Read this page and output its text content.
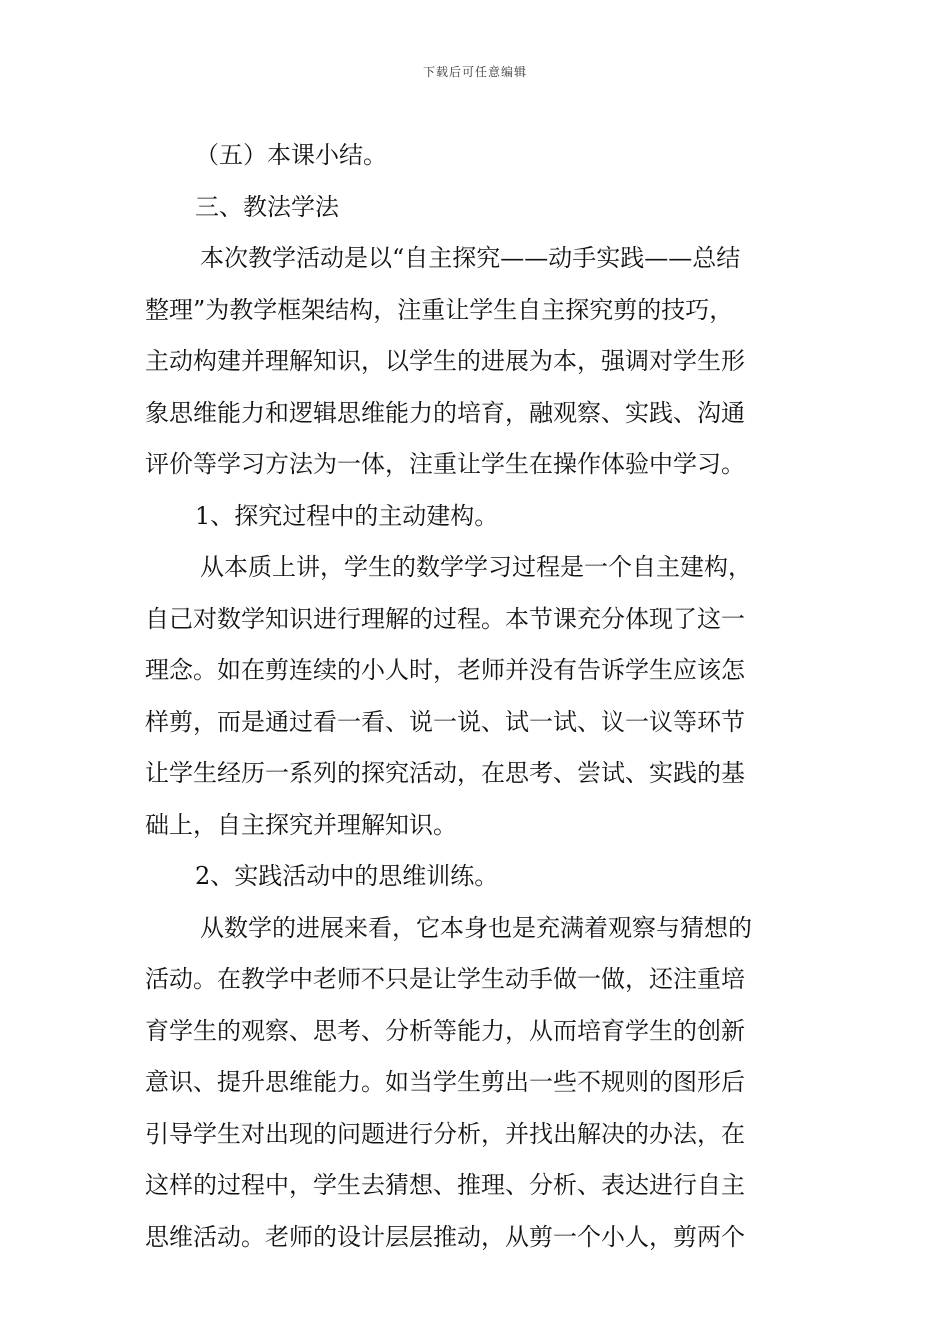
下载后可任意编辑
（五）本课小结。
三、教法学法
本次教学活动是以“自主探究——动手实践——总结
整理”为教学框架结构，注重让学生自主探究剪的技巧，
主动构建并理解知识，以学生的进展为本，强调对学生形
象思维能力和逻辑思维能力的培育，融观察、实践、沟通
评价等学习方法为一体，注重让学生在操作体验中学习。
1、探究过程中的主动建构。
从本质上讲，学生的数学学习过程是一个自主建构，
自己对数学知识进行理解的过程。本节课充分体现了这一
理念。如在剪连续的小人时，老师并没有告诉学生应该怎
样剪，而是通过看一看、说一说、试一试、议一议等环节
让学生经历一系列的探究活动，在思考、尝试、实践的基
础上，自主探究并理解知识。
2、实践活动中的思维训练。
从数学的进展来看，它本身也是充满着观察与猜想的
活动。在教学中老师不只是让学生动手做一做，还注重培
育学生的观察、思考、分析等能力，从而培育学生的创新
意识、提升思维能力。如当学生剪出一些不规则的图形后
引导学生对出现的问题进行分析，并找出解决的办法，在
这样的过程中，学生去猜想、推理、分析、表达进行自主
思维活动。老师的设计层层推动，从剪一个小人，剪两个
